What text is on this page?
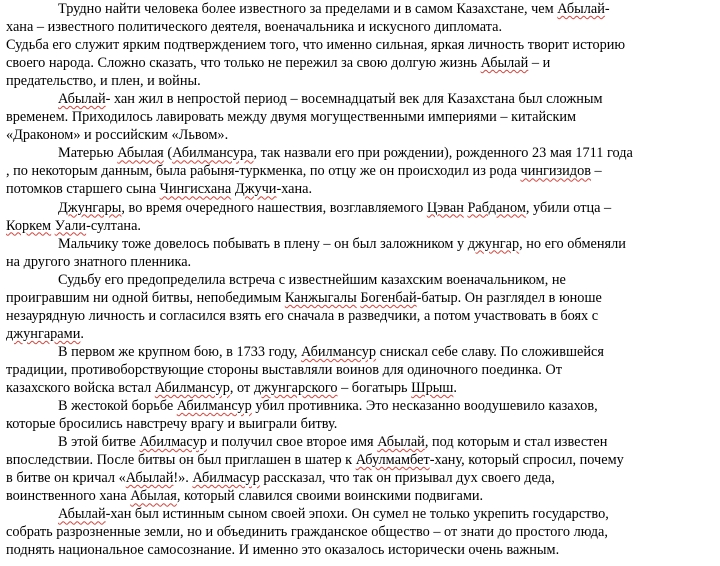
Трудно найти человека более известного за пределами и в самом Казахстане, чем Абылай-
хана – известного политического деятеля, военачальника и искусного дипломата.

Судьба его служит ярким подтверждением того, что именно сильная, яркая личность творит историю
своего народа. Сложно сказать, что только не пережил за свою долгую жизнь Абылай – и
предательство, и плен, и войны.

Абылай- хан жил в непростой период – восемнадцатый век для Казахстана был сложным
временем. Приходилось лавировать между двумя могущественными империями – китайским
«Драконом» и российским «Львом».

Матерью Абылая (Абилмансура, так назвали его при рождении), рожденного 23 мая 1711 года
, по некоторым данным, была рабыня-туркменка, по отцу же он происходил из рода чингизидов –
потомков старшего сына Чингисхана Джучи-хана.

Джунгары, во время очередного нашествия, возглавляемого Цэван Рабданом, убили отца –
Коркем Уали-султана.

Мальчику тоже довелось побывать в плену – он был заложником у джунгар, но его обменяли
на другого знатного пленника.

Судьбу его предопределила встреча с известнейшим казахским военачальником, не
проигравшим ни одной битвы, непобедимым Канжыгалы Богенбай-батыр. Он разглядел в юноше
незаурядную личность и согласился взять его сначала в разведчики, а потом участвовать в боях с
джунгарами.

В первом же крупном бою, в 1733 году, Абилмансур снискал себе славу. По сложившейся
традиции, противоборствующие стороны выставляли воинов для одиночного поединка. От
казахского войска встал Абилмансур, от джунгарского – богатырь Шрыш.

В жестокой борьбе Абилмансур убил противника. Это несказанно воодушевило казахов,
которые бросились навстречу врагу и выиграли битву.

В этой битве Абилмасур и получил свое второе имя Абылай, под которым и стал известен
впоследствии. После битвы он был приглашен в шатер к Абулмамбет-хану, который спросил, почему
в битве он кричал «Абылай!». Абилмасур рассказал, что так он призывал дух своего деда,
воинственного хана Абылая, который славился своими воинскими подвигами.

Абылай-хан был истинным сыном своей эпохи. Он сумел не только укрепить государство,
собрать разрозненные земли, но и объединить гражданское общество – от знати до простого люда,
поднять национальное самосознание. И именно это оказалось исторически очень важным.
